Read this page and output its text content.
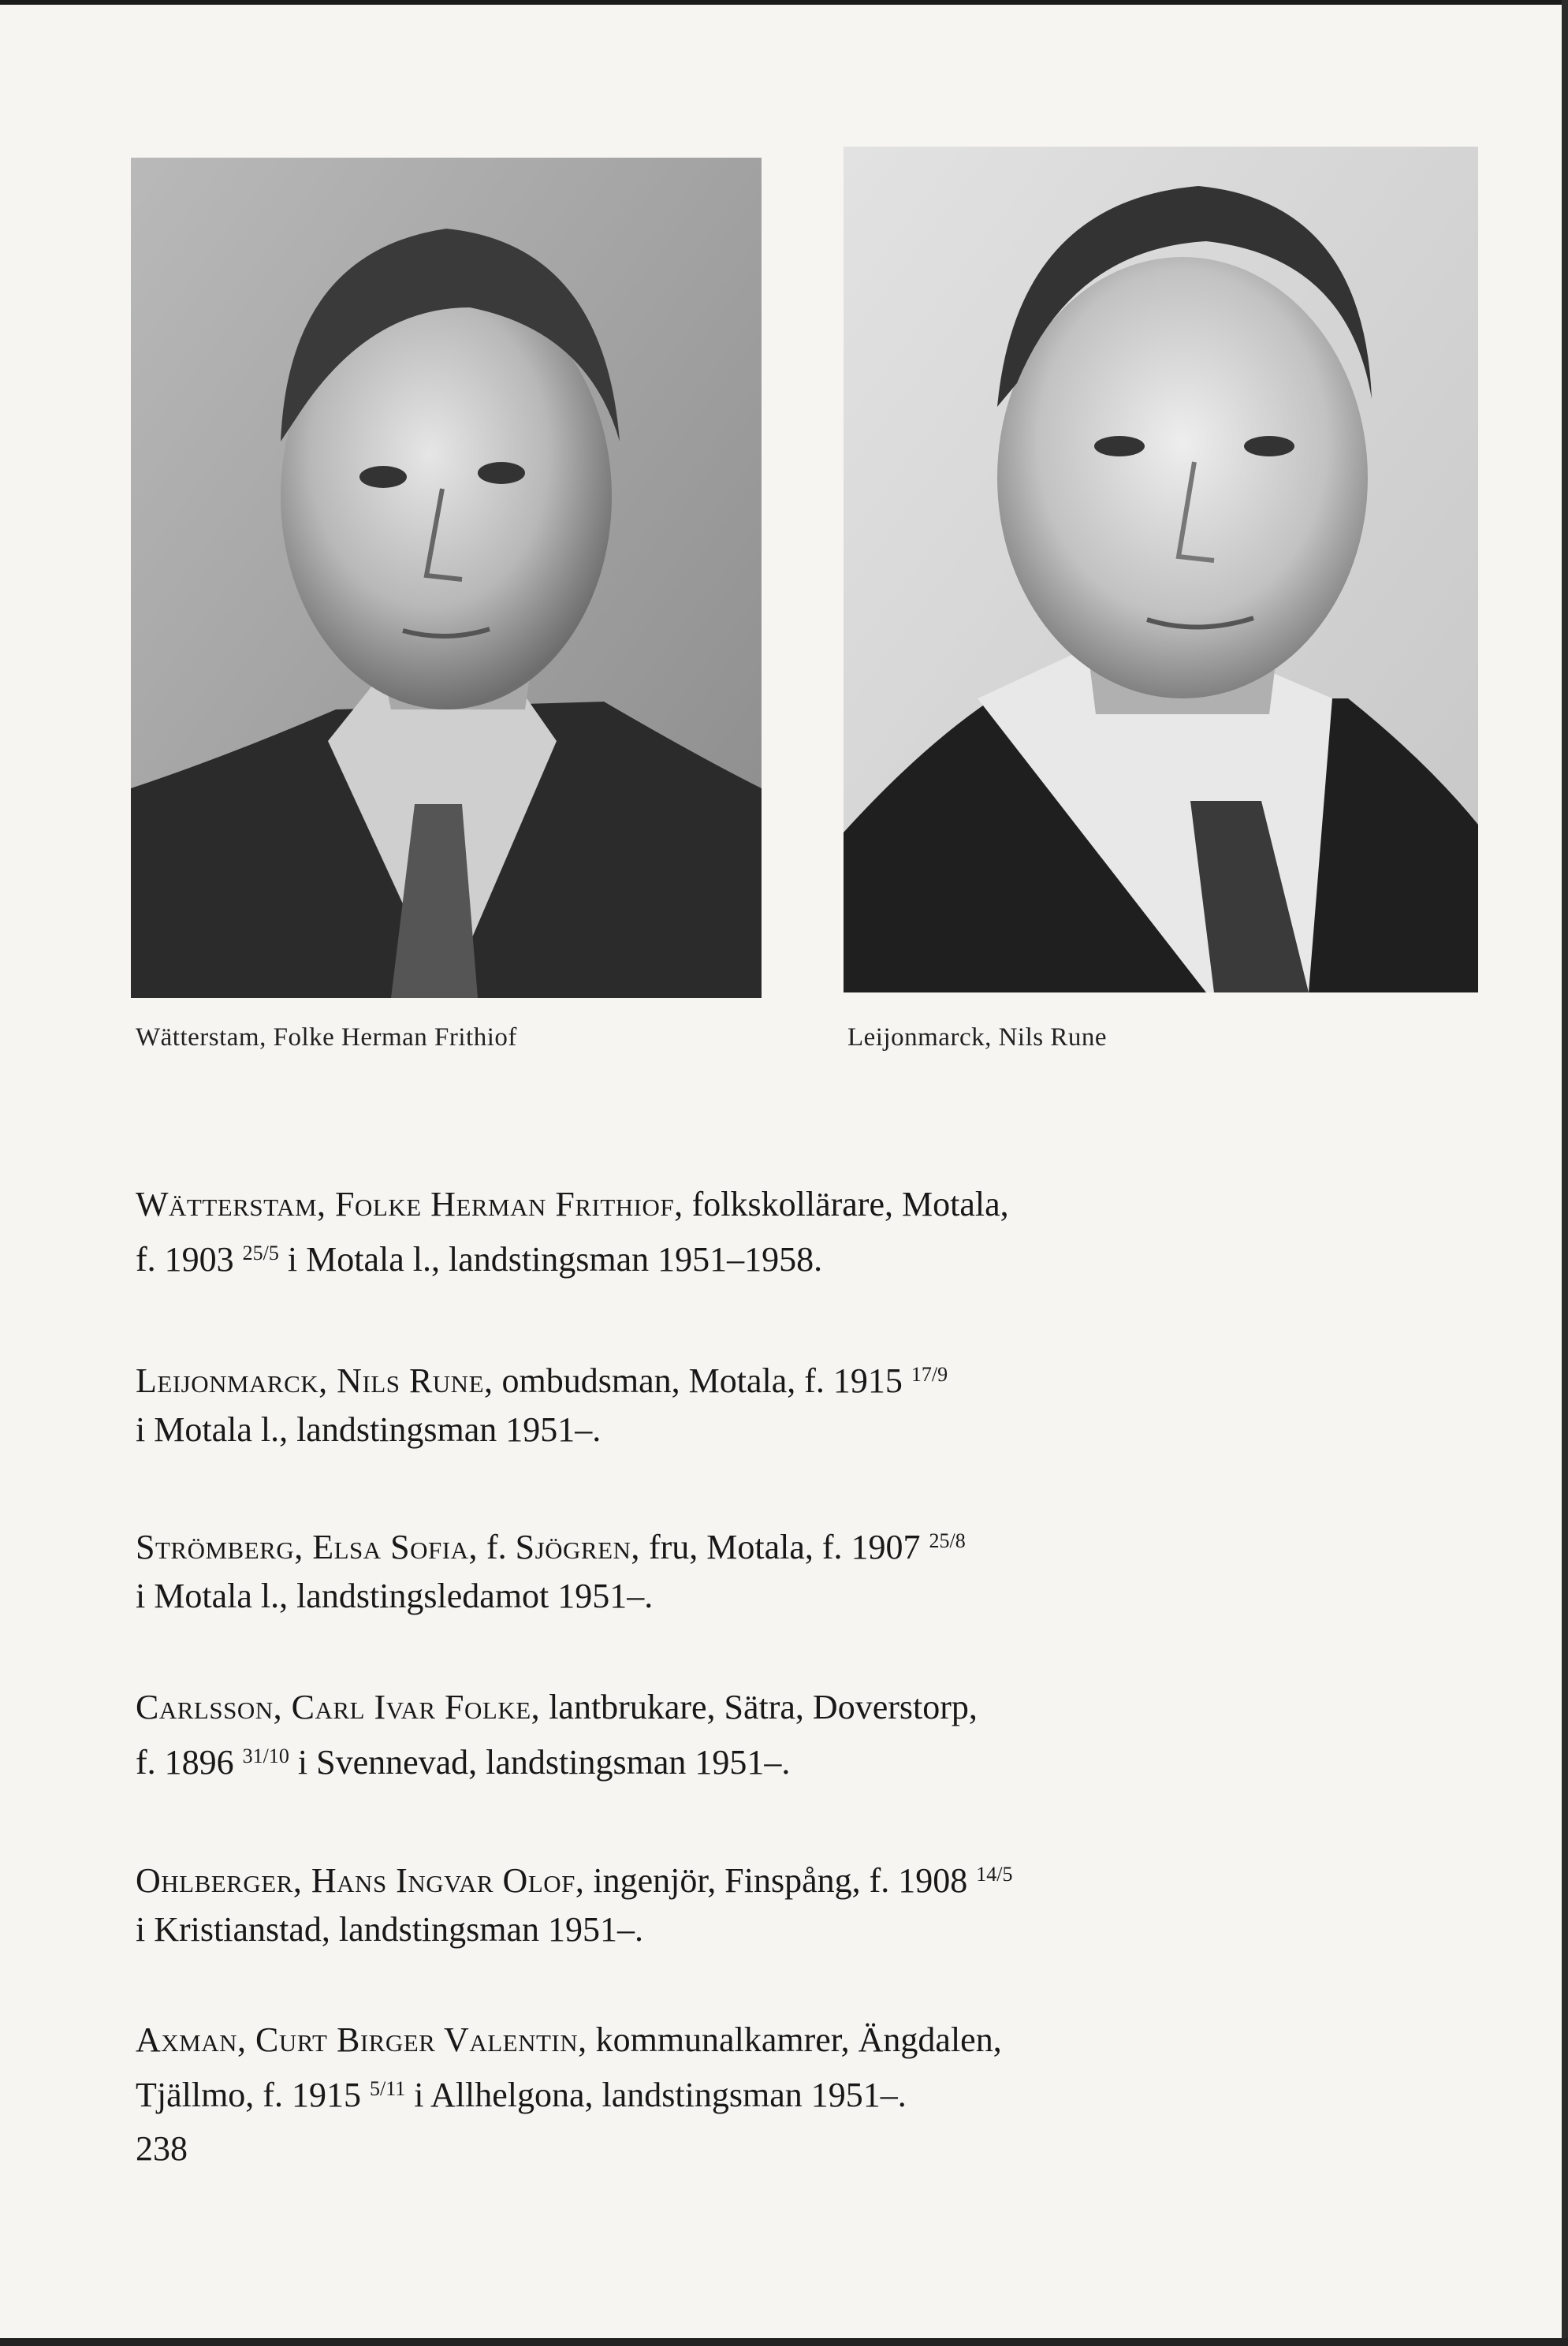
Wätterstam, Folke Herman Frithiof	Leijonmarck, Nils Rune
Wätterstam, Folke Herman Frithiof, folkskollärare, Motala,
f. 1903 $^{25/5}$ i Motala l., landstingsman 1951–1958.
Leijonmarck, Nils Rune, ombudsman, Motala, f. 1915 $^{17/9}$
i Motala l., landstingsman 1951–.
Strömberg, Elsa Sofia, f. Sjögren, fru, Motala, f. 1907 $^{25/8}$
i Motala l., landstingsledamot 1951–.
Carlsson, Carl Ivar Folke, lantbrukare, Sätra, Doverstorp,
f. 1896 $^{31/10}$ i Svennevad, landstingsman 1951–.
Ohlberger, Hans Ingvar Olof, ingenjör, Finspång, f. 1908 $^{14/5}$
i Kristianstad, landstingsman 1951–.
Axman, Curt Birger Valentin, kommunalkamrer, Ängdalen,
Tjällmo, f. 1915 $^{5/11}$ i Allhelgona, landstingsman 1951–.
238
